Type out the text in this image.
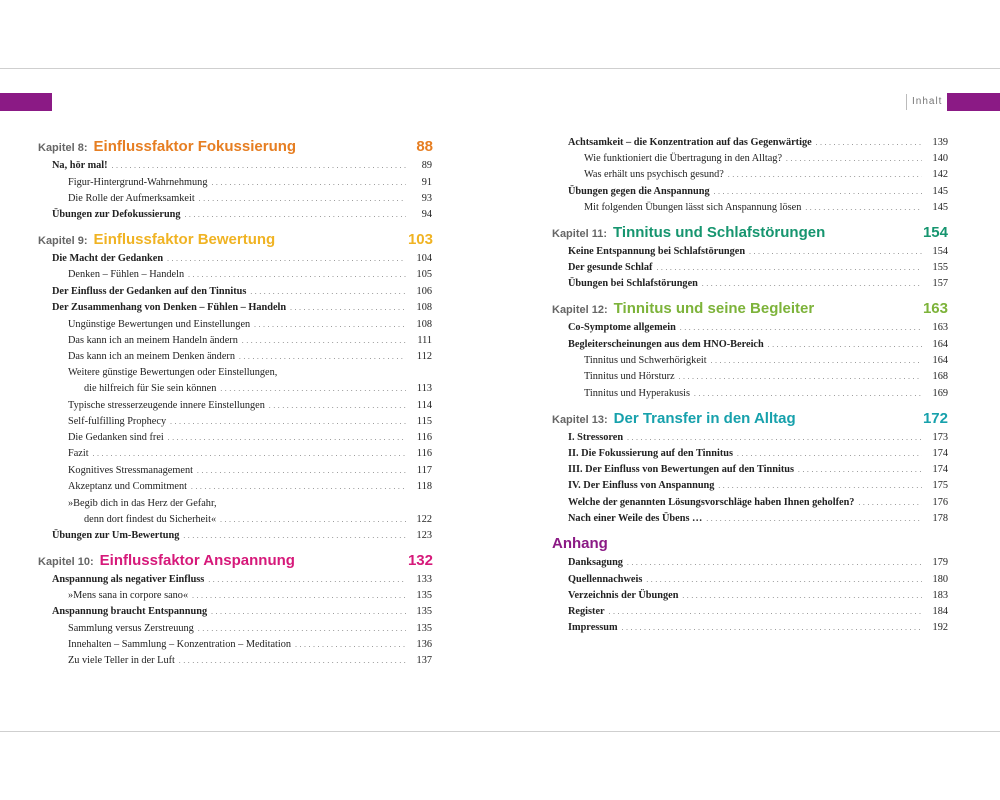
Inhalt
Kapitel 8: Einflussfaktor Fokussierung	88
Na, hör mal! . . .	89
Figur-Hintergrund-Wahrnehmung . . .	91
Die Rolle der Aufmerksamkeit . . .	93
Übungen zur Defokussierung . . .	94
Kapitel 9: Einflussfaktor Bewertung	103
Die Macht der Gedanken . . .	104
Denken – Fühlen – Handeln . . .	105
Der Einfluss der Gedanken auf den Tinnitus . . .	106
Der Zusammenhang von Denken – Fühlen – Handeln . . .	108
Ungünstige Bewertungen und Einstellungen . . .	108
Das kann ich an meinem Handeln ändern . . .	111
Das kann ich an meinem Denken ändern . . .	112
Weitere günstige Bewertungen oder Einstellungen,
die hilfreich für Sie sein können . . .	113
Typische stresserzeugende innere Einstellungen . . .	114
Self-fulfilling Prophecy . . .	115
Die Gedanken sind frei . . .	116
Fazit . . .	116
Kognitives Stressmanagement . . .	117
Akzeptanz und Commitment . . .	118
»Begib dich in das Herz der Gefahr,
denn dort findest du Sicherheit« . . .	122
Übungen zur Um-Bewertung . . .	123
Kapitel 10: Einflussfaktor Anspannung	132
Anspannung als negativer Einfluss . . .	133
»Mens sana in corpore sano« . . .	135
Anspannung braucht Entspannung . . .	135
Sammlung versus Zerstreuung . . .	135
Innehalten – Sammlung – Konzentration – Meditation . . .	136
Zu viele Teller in der Luft . . .	137
Achtsamkeit – die Konzentration auf das Gegenwärtige . . .	139
Wie funktioniert die Übertragung in den Alltag? . . .	140
Was erhält uns psychisch gesund? . . .	142
Übungen gegen die Anspannung . . .	145
Mit folgenden Übungen lässt sich Anspannung lösen . . .	145
Kapitel 11: Tinnitus und Schlafstörungen	154
Keine Entspannung bei Schlafstörungen . . .	154
Der gesunde Schlaf . . .	155
Übungen bei Schlafstörungen . . .	157
Kapitel 12: Tinnitus und seine Begleiter	163
Co-Symptome allgemein . . .	163
Begleiterscheinungen aus dem HNO-Bereich . . .	164
Tinnitus und Schwerhörigkeit . . .	164
Tinnitus und Hörsturz . . .	168
Tinnitus und Hyperakusis . . .	169
Kapitel 13: Der Transfer in den Alltag	172
I. Stressoren . . .	173
II. Die Fokussierung auf den Tinnitus . . .	174
III. Der Einfluss von Bewertungen auf den Tinnitus . . .	174
IV. Der Einfluss von Anspannung . . .	175
Welche der genannten Lösungsvorschläge haben Ihnen geholfen? . . .	176
Nach einer Weile des Übens … . . .	178
Anhang
Danksagung . . .	179
Quellennachweis . . .	180
Verzeichnis der Übungen . . .	183
Register . . .	184
Impressum . . .	192
